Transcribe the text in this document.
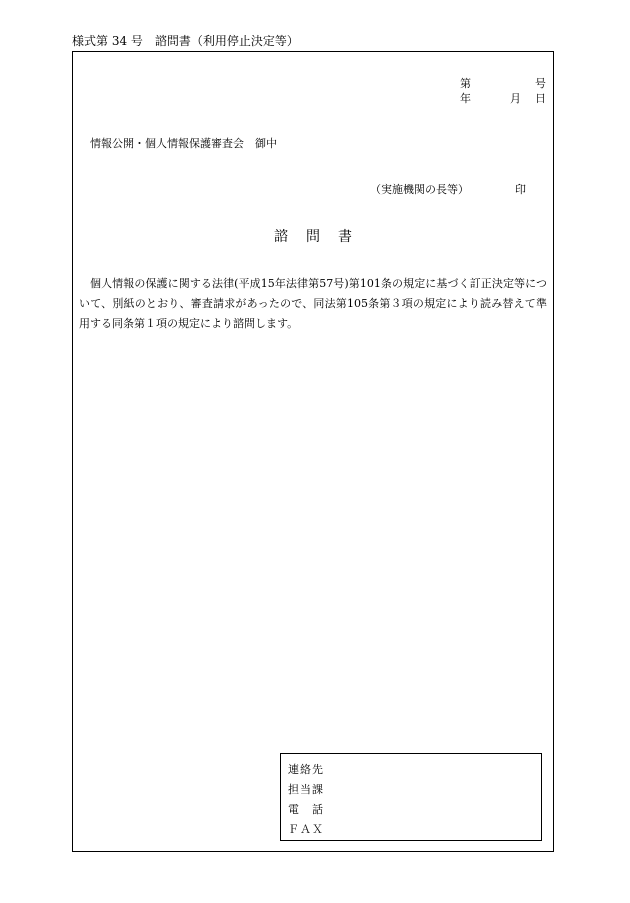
様式第 34 号　諮問書（利用停止決定等）
第	号
年	月 日
情報公開・個人情報保護審査会　御中
（実施機関の長等）	印
諮問書
個人情報の保護に関する法律(平成15年法律第57号)第101条の規定に基づく訂正決定等について、別紙のとおり、審査請求があったので、同法第105条第３項の規定により読み替えて準用する同条第１項の規定により諮問します。
連絡先
担当課
電　話
ＦＡＸ
